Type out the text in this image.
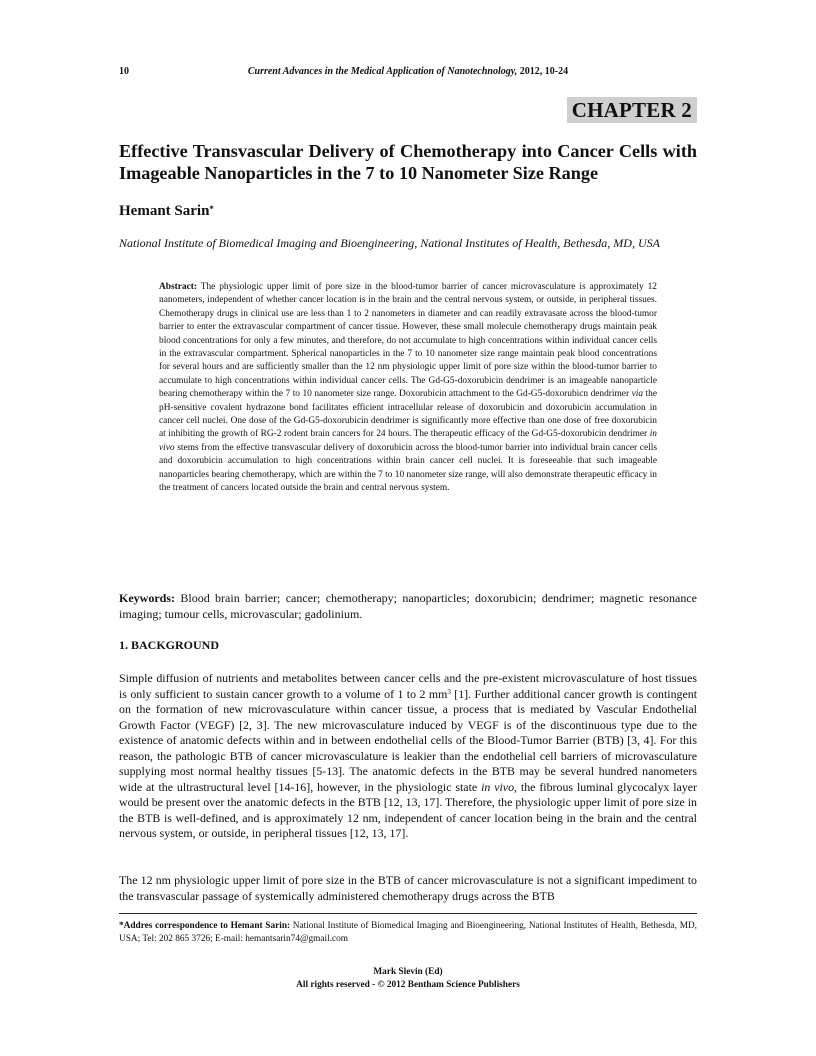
10	Current Advances in the Medical Application of Nanotechnology, 2012, 10-24
CHAPTER 2
Effective Transvascular Delivery of Chemotherapy into Cancer Cells with Imageable Nanoparticles in the 7 to 10 Nanometer Size Range
Hemant Sarin*
National Institute of Biomedical Imaging and Bioengineering, National Institutes of Health, Bethesda, MD, USA
Abstract: The physiologic upper limit of pore size in the blood-tumor barrier of cancer microvasculature is approximately 12 nanometers, independent of whether cancer location is in the brain and the central nervous system, or outside, in peripheral tissues. Chemotherapy drugs in clinical use are less than 1 to 2 nanometers in diameter and can readily extravasate across the blood-tumor barrier to enter the extravascular compartment of cancer tissue. However, these small molecule chemotherapy drugs maintain peak blood concentrations for only a few minutes, and therefore, do not accumulate to high concentrations within individual cancer cells in the extravascular compartment. Spherical nanoparticles in the 7 to 10 nanometer size range maintain peak blood concentrations for several hours and are sufficiently smaller than the 12 nm physiologic upper limit of pore size within the blood-tumor barrier to accumulate to high concentrations within individual cancer cells. The Gd-G5-doxorubicin dendrimer is an imageable nanoparticle bearing chemotherapy within the 7 to 10 nanometer size range. Doxorubicin attachment to the Gd-G5-doxorubicn dendrimer via the pH-sensitive covalent hydrazone bond facilitates efficient intracellular release of doxorubicin and doxorubicin accumulation in cancer cell nuclei. One dose of the Gd-G5-doxorubicin dendrimer is significantly more effective than one dose of free doxorubicin at inhibiting the growth of RG-2 rodent brain cancers for 24 hours. The therapeutic efficacy of the Gd-G5-doxorubicin dendrimer in vivo stems from the effective transvascular delivery of doxorubicin across the blood-tumor barrier into individual brain cancer cells and doxorubicin accumulation to high concentrations within brain cancer cell nuclei. It is foreseeable that such imageable nanoparticles bearing chemotherapy, which are within the 7 to 10 nanometer size range, will also demonstrate therapeutic efficacy in the treatment of cancers located outside the brain and central nervous system.
Keywords: Blood brain barrier; cancer; chemotherapy; nanoparticles; doxorubicin; dendrimer; magnetic resonance imaging; tumour cells, microvascular; gadolinium.
1. BACKGROUND

Simple diffusion of nutrients and metabolites between cancer cells and the pre-existent microvasculature of host tissues is only sufficient to sustain cancer growth to a volume of 1 to 2 $mm^3$ [1]. Further additional cancer growth is contingent on the formation of new microvasculature within cancer tissue, a process that is mediated by Vascular Endothelial Growth Factor (VEGF) [2, 3]. The new microvasculature induced by VEGF is of the discontinuous type due to the existence of anatomic defects within and in between endothelial cells of the Blood-Tumor Barrier (BTB) [3, 4]. For this reason, the pathologic BTB of cancer microvasculature is leakier than the endothelial cell barriers of microvasculature supplying most normal healthy tissues [5-13]. The anatomic defects in the BTB may be several hundred nanometers wide at the ultrastructural level [14-16], however, in the physiologic state in vivo, the fibrous luminal glycocalyx layer would be present over the anatomic defects in the BTB [12, 13, 17]. Therefore, the physiologic upper limit of pore size in the BTB is well-defined, and is approximately 12 nm, independent of cancer location being in the brain and the central nervous system, or outside, in peripheral tissues [12, 13, 17].

The 12 nm physiologic upper limit of pore size in the BTB of cancer microvasculature is not a significant impediment to the transvascular passage of systemically administered chemotherapy drugs across the BTB

*Addres correspondence to Hemant Sarin: National Institute of Biomedical Imaging and Bioengineering, National Institutes of Health, Bethesda, MD, USA; Tel: 202 865 3726; E-mail: hemantsarin74@gmail.com
Mark Slevin (Ed)
All rights reserved - © 2012 Bentham Science Publishers
